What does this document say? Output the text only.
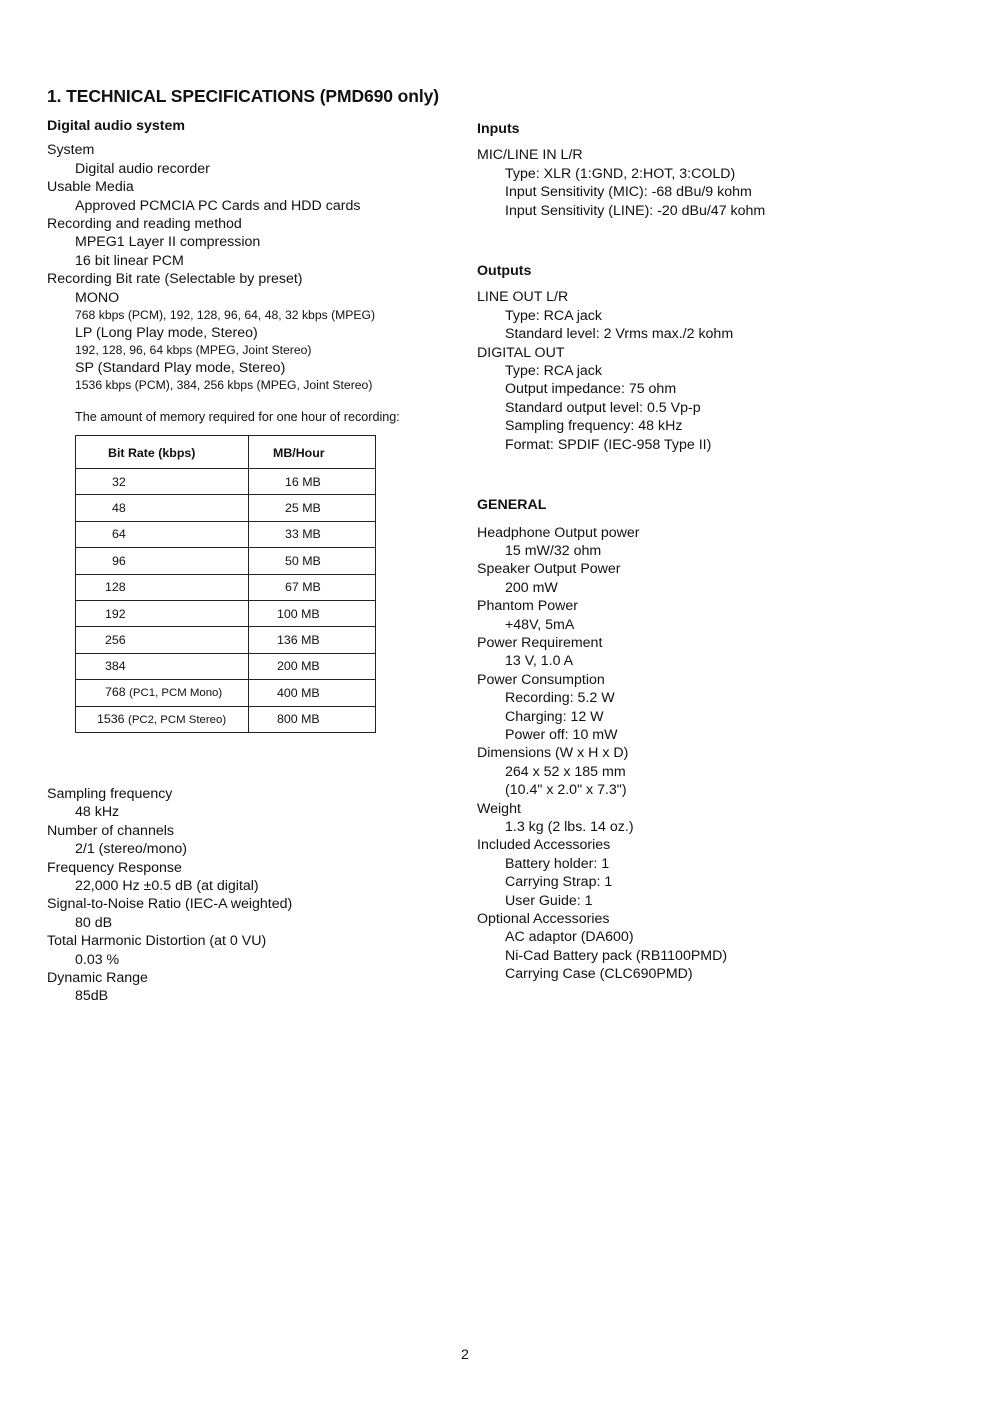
1. TECHNICAL SPECIFICATIONS (PMD690 only)
Digital audio system
System
Digital audio recorder
Usable Media
Approved PCMCIA PC Cards and HDD cards
Recording and reading method
MPEG1 Layer II compression
16 bit linear PCM
Recording Bit rate (Selectable by preset)
MONO
768 kbps (PCM), 192, 128, 96, 64, 48, 32 kbps (MPEG)
LP (Long Play mode, Stereo)
192, 128, 96, 64 kbps (MPEG, Joint Stereo)
SP (Standard Play mode, Stereo)
1536 kbps (PCM), 384, 256 kbps (MPEG, Joint Stereo)
The amount of memory required for one hour of recording:
Bit Rate (kbps)	MB/Hour
32	16 MB
48	25 MB
64	33 MB
96	50 MB
128	67 MB
192	100 MB
256	136 MB
384	200 MB
768 (PC1, PCM Mono)	400 MB
1536 (PC2, PCM Stereo)	800 MB
Sampling frequency
48 kHz
Number of channels
2/1 (stereo/mono)
Frequency Response
22,000 Hz ±0.5 dB (at digital)
Signal-to-Noise Ratio (IEC-A weighted)
80 dB
Total Harmonic Distortion (at 0 VU)
0.03 %
Dynamic Range
85dB
Inputs
MIC/LINE IN L/R
Type: XLR (1:GND, 2:HOT, 3:COLD)
Input Sensitivity (MIC): -68 dBu/9 kohm
Input Sensitivity (LINE): -20 dBu/47 kohm
Outputs
LINE OUT L/R
Type: RCA jack
Standard level: 2 Vrms max./2 kohm
DIGITAL OUT
Type: RCA jack
Output impedance: 75 ohm
Standard output level: 0.5 Vp-p
Sampling frequency: 48 kHz
Format: SPDIF (IEC-958 Type II)
GENERAL
Headphone Output power
15 mW/32 ohm
Speaker Output Power
200 mW
Phantom Power
+48V, 5mA
Power Requirement
13 V, 1.0 A
Power Consumption
Recording: 5.2 W
Charging: 12 W
Power off: 10 mW
Dimensions (W x H x D)
264 x 52 x 185 mm
(10.4" x 2.0" x 7.3")
Weight
1.3 kg (2 lbs. 14 oz.)
Included Accessories
Battery holder: 1
Carrying Strap: 1
User Guide: 1
Optional Accessories
AC adaptor (DA600)
Ni-Cad Battery pack (RB1100PMD)
Carrying Case (CLC690PMD)
2
